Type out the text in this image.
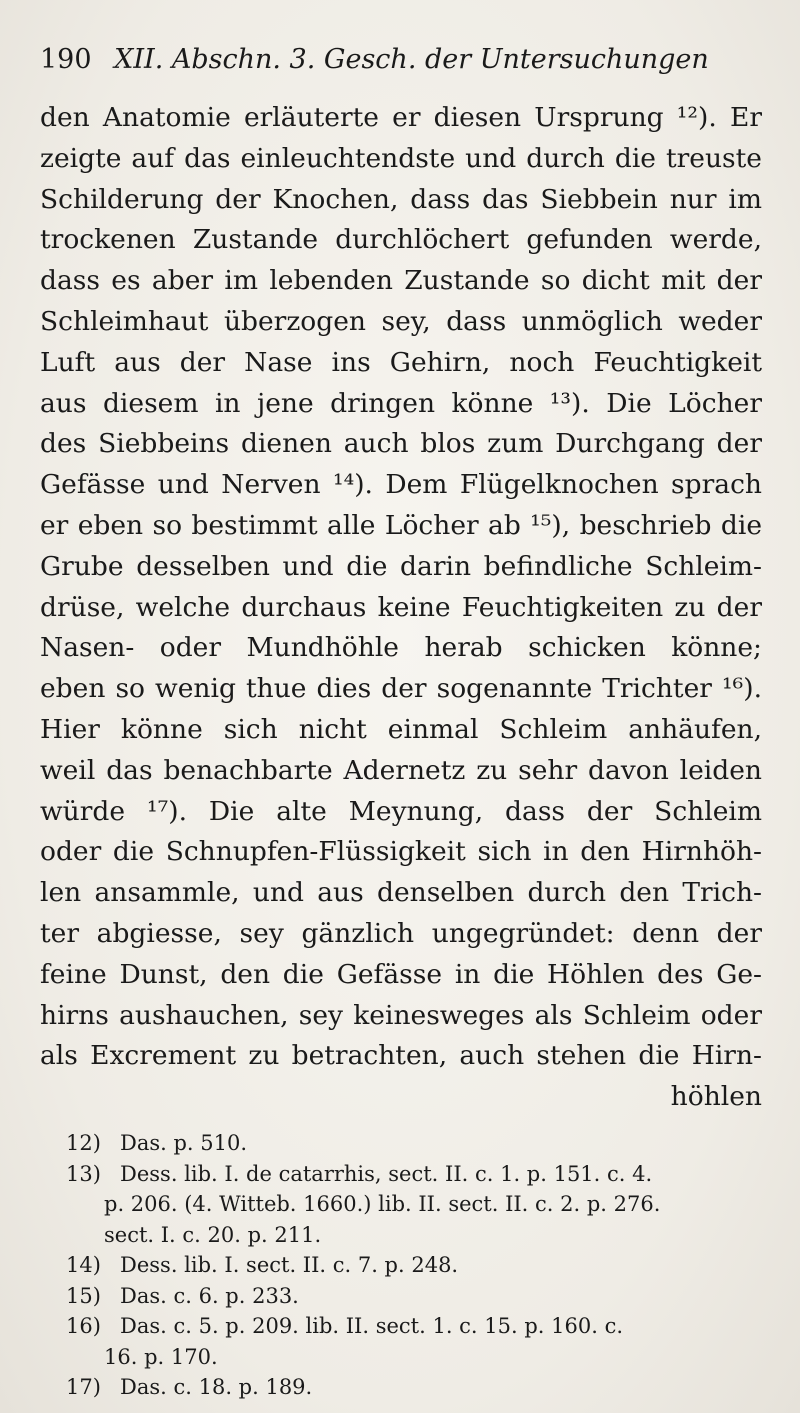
190 XII. Abschn. 3. Gesch. der Untersuchungen
den Anatomie erläuterte er diesen Ursprung ¹²). Er
zeigte auf das einleuchtendste und durch die treuste
Schilderung der Knochen, dass das Siebbein nur im
trockenen Zustande durchlöchert gefunden werde,
dass es aber im lebenden Zustande so dicht mit der
Schleimhaut überzogen sey, dass unmöglich weder
Luft aus der Nase ins Gehirn, noch Feuchtigkeit
aus diesem in jene dringen könne ¹³). Die Löcher
des Siebbeins dienen auch blos zum Durchgang der
Gefässe und Nerven ¹⁴). Dem Flügelknochen sprach
er eben so bestimmt alle Löcher ab ¹⁵), beschrieb die
Grube desselben und die darin befindliche Schleim-
drüse, welche durchaus keine Feuchtigkeiten zu der
Nasen- oder Mundhöhle herab schicken könne;
eben so wenig thue dies der sogenannte Trichter ¹⁶).
Hier könne sich nicht einmal Schleim anhäufen,
weil das benachbarte Adernetz zu sehr davon leiden
würde ¹⁷). Die alte Meynung, dass der Schleim
oder die Schnupfen-Flüssigkeit sich in den Hirnhöh-
len ansammle, und aus denselben durch den Trich-
ter abgiesse, sey gänzlich ungegründet: denn der
feine Dunst, den die Gefässe in die Höhlen des Ge-
hirns aushauchen, sey keinesweges als Schleim oder
als Excrement zu betrachten, auch stehen die Hirn-
höhlen
12) Das. p. 510.
13) Dess. lib. I. de catarrhis, sect. II. c. 1. p. 151. c. 4.
p. 206. (4. Witteb. 1660.) lib. II. sect. II. c. 2. p. 276.
sect. I. c. 20. p. 211.
14) Dess. lib. I. sect. II. c. 7. p. 248.
15) Das. c. 6. p. 233.
16) Das. c. 5. p. 209. lib. II. sect. 1. c. 15. p. 160. c.
16. p. 170.
17) Das. c. 18. p. 189.
